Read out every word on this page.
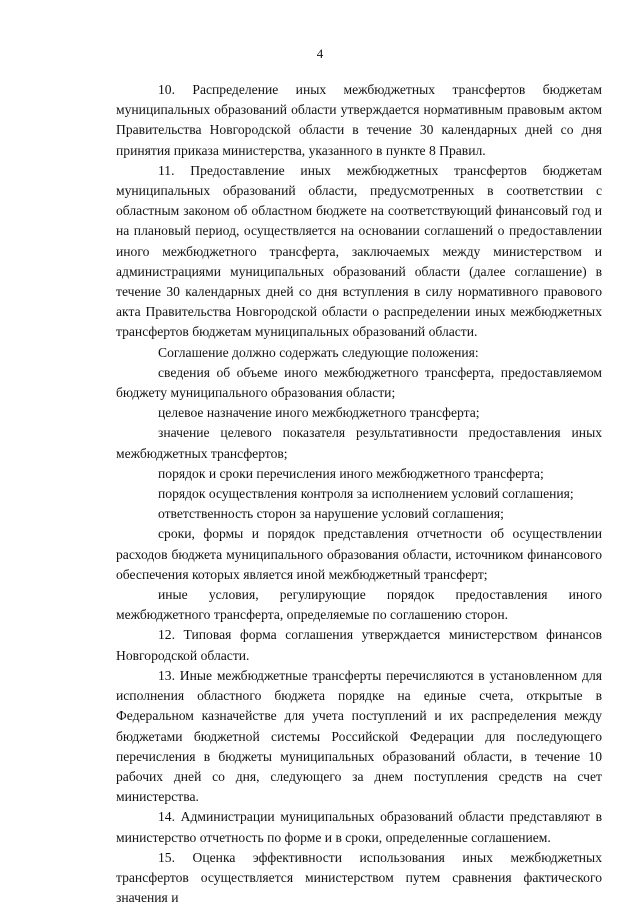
4

10. Распределение иных межбюджетных трансфертов бюджетам муниципальных образований области утверждается нормативным правовым актом Правительства Новгородской области в течение 30 календарных дней со дня принятия приказа министерства, указанного в пункте 8 Правил.

11. Предоставление иных межбюджетных трансфертов бюджетам муниципальных образований области, предусмотренных в соответствии с областным законом об областном бюджете на соответствующий финансовый год и на плановый период, осуществляется на основании соглашений о предоставлении иного межбюджетного трансферта, заключаемых между министерством и администрациями муниципальных образований области (далее соглашение) в течение 30 календарных дней со дня вступления в силу нормативного правового акта Правительства Новгородской области о распределении иных межбюджетных трансфертов бюджетам муниципальных образований области.

Соглашение должно содержать следующие положения:

сведения об объеме иного межбюджетного трансферта, предоставляемом бюджету муниципального образования области;

целевое назначение иного межбюджетного трансферта;

значение целевого показателя результативности предоставления иных межбюджетных трансфертов;

порядок и сроки перечисления иного межбюджетного трансферта;

порядок осуществления контроля за исполнением условий соглашения;

ответственность сторон за нарушение условий соглашения;

сроки, формы и порядок представления отчетности об осуществлении расходов бюджета муниципального образования области, источником финансового обеспечения которых является иной межбюджетный трансферт;

иные условия, регулирующие порядок предоставления иного межбюджетного трансферта, определяемые по соглашению сторон.

12. Типовая форма соглашения утверждается министерством финансов Новгородской области.

13. Иные межбюджетные трансферты перечисляются в установленном для исполнения областного бюджета порядке на единые счета, открытые в Федеральном казначействе для учета поступлений и их распределения между бюджетами бюджетной системы Российской Федерации для последующего перечисления в бюджеты муниципальных образований области, в течение 10 рабочих дней со дня, следующего за днем поступления средств на счет министерства.

14. Администрации муниципальных образований области представляют в министерство отчетность по форме и в сроки, определенные соглашением.

15. Оценка эффективности использования иных межбюджетных трансфертов осуществляется министерством путем сравнения фактического значения и
